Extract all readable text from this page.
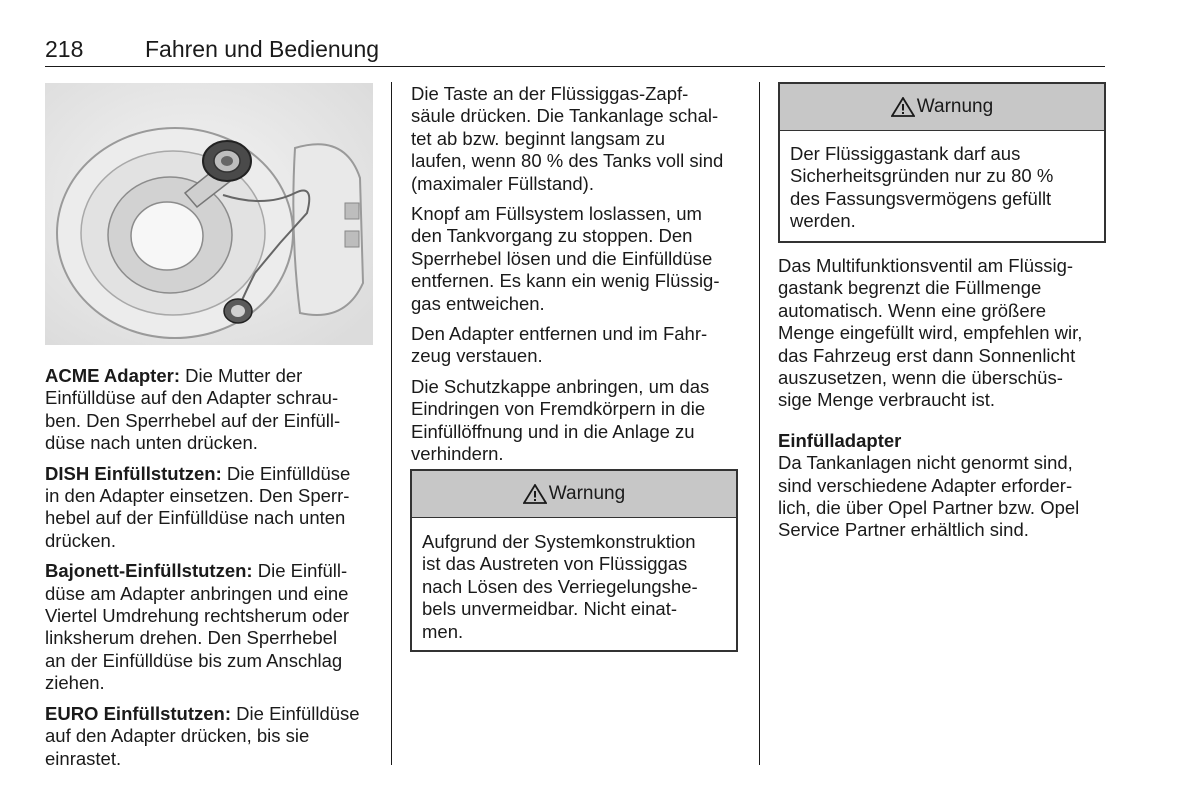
218	Fahren und Bedienung

ACME Adapter: Die Mutter der
Einfülldüse auf den Adapter schrau-
ben. Den Sperrhebel auf der Einfüll-
düse nach unten drücken.

DISH Einfüllstutzen: Die Einfülldüse
in den Adapter einsetzen. Den Sperr-
hebel auf der Einfülldüse nach unten
drücken.

Bajonett-Einfüllstutzen: Die Einfüll-
düse am Adapter anbringen und eine
Viertel Umdrehung rechtsherum oder
linksherum drehen. Den Sperrhebel
an der Einfülldüse bis zum Anschlag
ziehen.

EURO Einfüllstutzen: Die Einfülldüse
auf den Adapter drücken, bis sie
einrastet.

Die Taste an der Flüssiggas-Zapf-
säule drücken. Die Tankanlage schal-
tet ab bzw. beginnt langsam zu
laufen, wenn 80 % des Tanks voll sind
(maximaler Füllstand).

Knopf am Füllsystem loslassen, um
den Tankvorgang zu stoppen. Den
Sperrhebel lösen und die Einfülldüse
entfernen. Es kann ein wenig Flüssig-
gas entweichen.

Den Adapter entfernen und im Fahr-
zeug verstauen.

Die Schutzkappe anbringen, um das
Eindringen von Fremdkörpern in die
Einfüllöffnung und in die Anlage zu
verhindern.

Warnung
Aufgrund der Systemkonstruktion
ist das Austreten von Flüssiggas
nach Lösen des Verriegelungshe-
bels unvermeidbar. Nicht einat-
men.
Warnung
Der Flüssiggastank darf aus
Sicherheitsgründen nur zu 80 %
des Fassungsvermögens gefüllt
werden.

Das Multifunktionsventil am Flüssig-
gastank begrenzt die Füllmenge
automatisch. Wenn eine größere
Menge eingefüllt wird, empfehlen wir,
das Fahrzeug erst dann Sonnenlicht
auszusetzen, wenn die überschüs-
sige Menge verbraucht ist.

Einfülladapter
Da Tankanlagen nicht genormt sind,
sind verschiedene Adapter erforder-
lich, die über Opel Partner bzw. Opel
Service Partner erhältlich sind.
